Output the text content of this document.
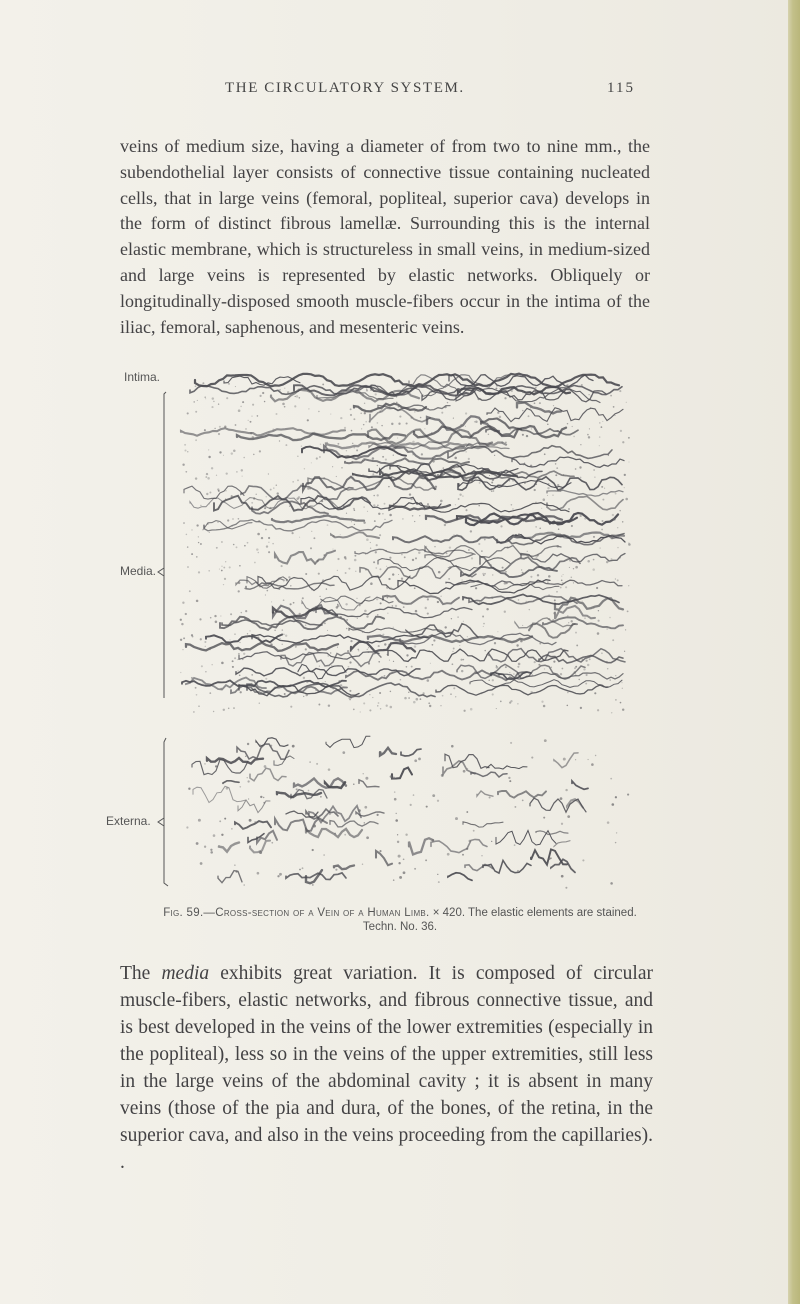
THE CIRCULATORY SYSTEM.	115

veins of medium size, having a diameter of from two to nine mm., the subendothelial layer consists of connective tissue containing nucleated cells, that in large veins (femoral, popliteal, superior cava) develops in the form of distinct fibrous lamellæ. Surrounding this is the internal elastic membrane, which is structureless in small veins, in medium-sized and large veins is represented by elastic networks. Obliquely or longitudinally-disposed smooth muscle-fibers occur in the intima of the iliac, femoral, saphenous, and mesenteric veins.

Intima.
Media.
Externa.
Fig. 59.—Cross-section of a Vein of a Human Limb. × 420. The elastic elements are stained.
Techn. No. 36.

The media exhibits great variation. It is composed of circular muscle-fibers, elastic networks, and fibrous connective tissue, and is best developed in the veins of the lower extremities (especially in the popliteal), less so in the veins of the upper extremities, still less in the large veins of the abdominal cavity ; it is absent in many veins (those of the pia and dura, of the bones, of the retina, in the superior cava, and also in the veins proceeding from the capillaries). .
